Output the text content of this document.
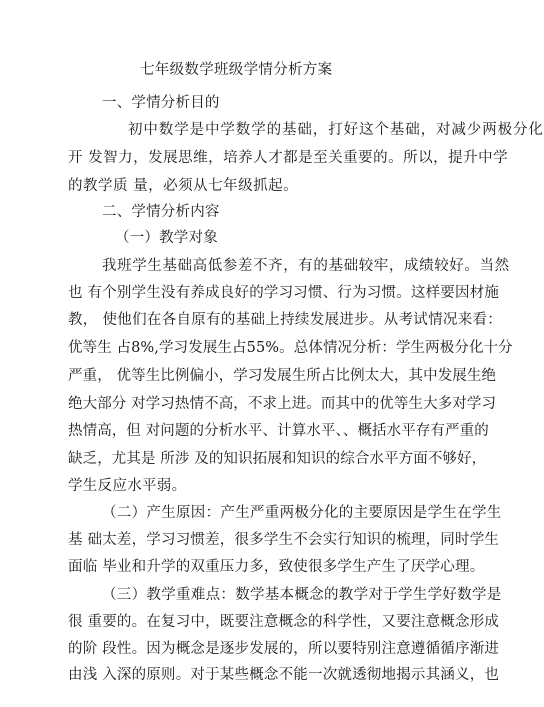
七年级数学班级学情分析方案
一、学情分析目的
初中数学是中学数学的基础，打好这个基础，对减少两极分化
开 发智力，发展思维，培养人才都是至关重要的。所以，提升中学
的教学质 量，必须从七年级抓起。
二、学情分析内容
（一）教学对象
我班学生基础高低参差不齐，有的基础较牢，成绩较好。当然
也 有个别学生没有养成良好的学习习惯、行为习惯。这样要因材施
教， 使他们在各自原有的基础上持续发展进步。从考试情况来看：
优等生 占8%,学习发展生占55%。总体情况分析：学生两极分化十分
严重， 优等生比例偏小，学习发展生所占比例太大，其中发展生绝
绝大部分 对学习热情不高，不求上进。而其中的优等生大多对学习
热情高，但 对问题的分析水平、计算水平、、概括水平存有严重的
缺乏，尤其是 所涉 及的知识拓展和知识的综合水平方面不够好，
学生反应水平弱。
（二）产生原因：产生严重两极分化的主要原因是学生在学生
基 础太差，学习习惯差，很多学生不会实行知识的梳理，同时学生
面临 毕业和升学的双重压力多，致使很多学生产生了厌学心理。
（三）教学重难点：数学基本概念的教学对于学生学好数学是
很 重要的。在复习中，既要注意概念的科学性，又要注意概念形成
的阶 段性。因为概念是逐步发展的，所以要特别注意遵循循序渐进
由浅 入深的原则。对于某些概念不能一次就透彻地揭示其涵义，也
